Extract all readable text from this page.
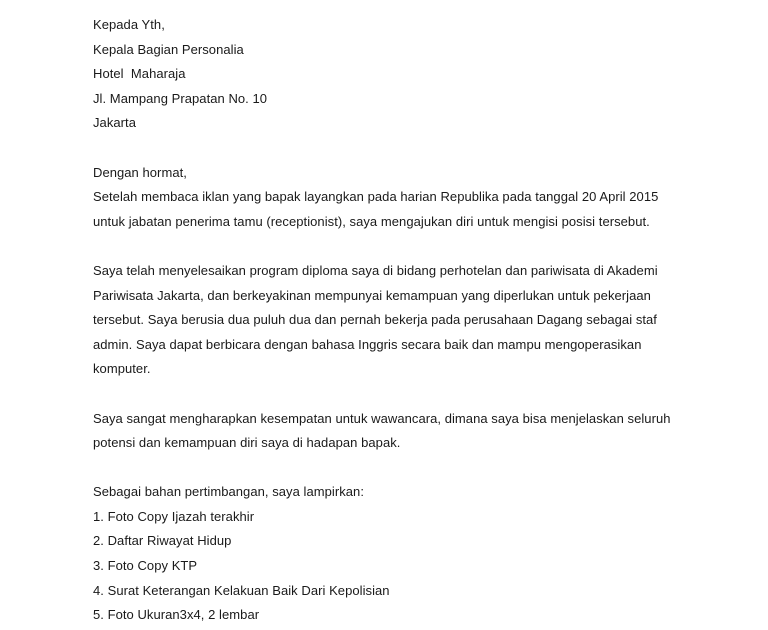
Kepada Yth,
Kepala Bagian Personalia
Hotel  Maharaja
Jl. Mampang Prapatan No. 10
Jakarta
Dengan hormat,
Setelah membaca iklan yang bapak layangkan pada harian Republika pada tanggal 20 April 2015
untuk jabatan penerima tamu (receptionist), saya mengajukan diri untuk mengisi posisi tersebut.
Saya telah menyelesaikan program diploma saya di bidang perhotelan dan pariwisata di Akademi
Pariwisata Jakarta, dan berkeyakinan mempunyai kemampuan yang diperlukan untuk pekerjaan
tersebut. Saya berusia dua puluh dua dan pernah bekerja pada perusahaan Dagang sebagai staf
admin. Saya dapat berbicara dengan bahasa Inggris secara baik dan mampu mengoperasikan
komputer.
Saya sangat mengharapkan kesempatan untuk wawancara, dimana saya bisa menjelaskan seluruh
potensi dan kemampuan diri saya di hadapan bapak.
Sebagai bahan pertimbangan, saya lampirkan:
1. Foto Copy Ijazah terakhir
2. Daftar Riwayat Hidup
3. Foto Copy KTP
4. Surat Keterangan Kelakuan Baik Dari Kepolisian
5. Foto Ukuran3x4, 2 lembar
